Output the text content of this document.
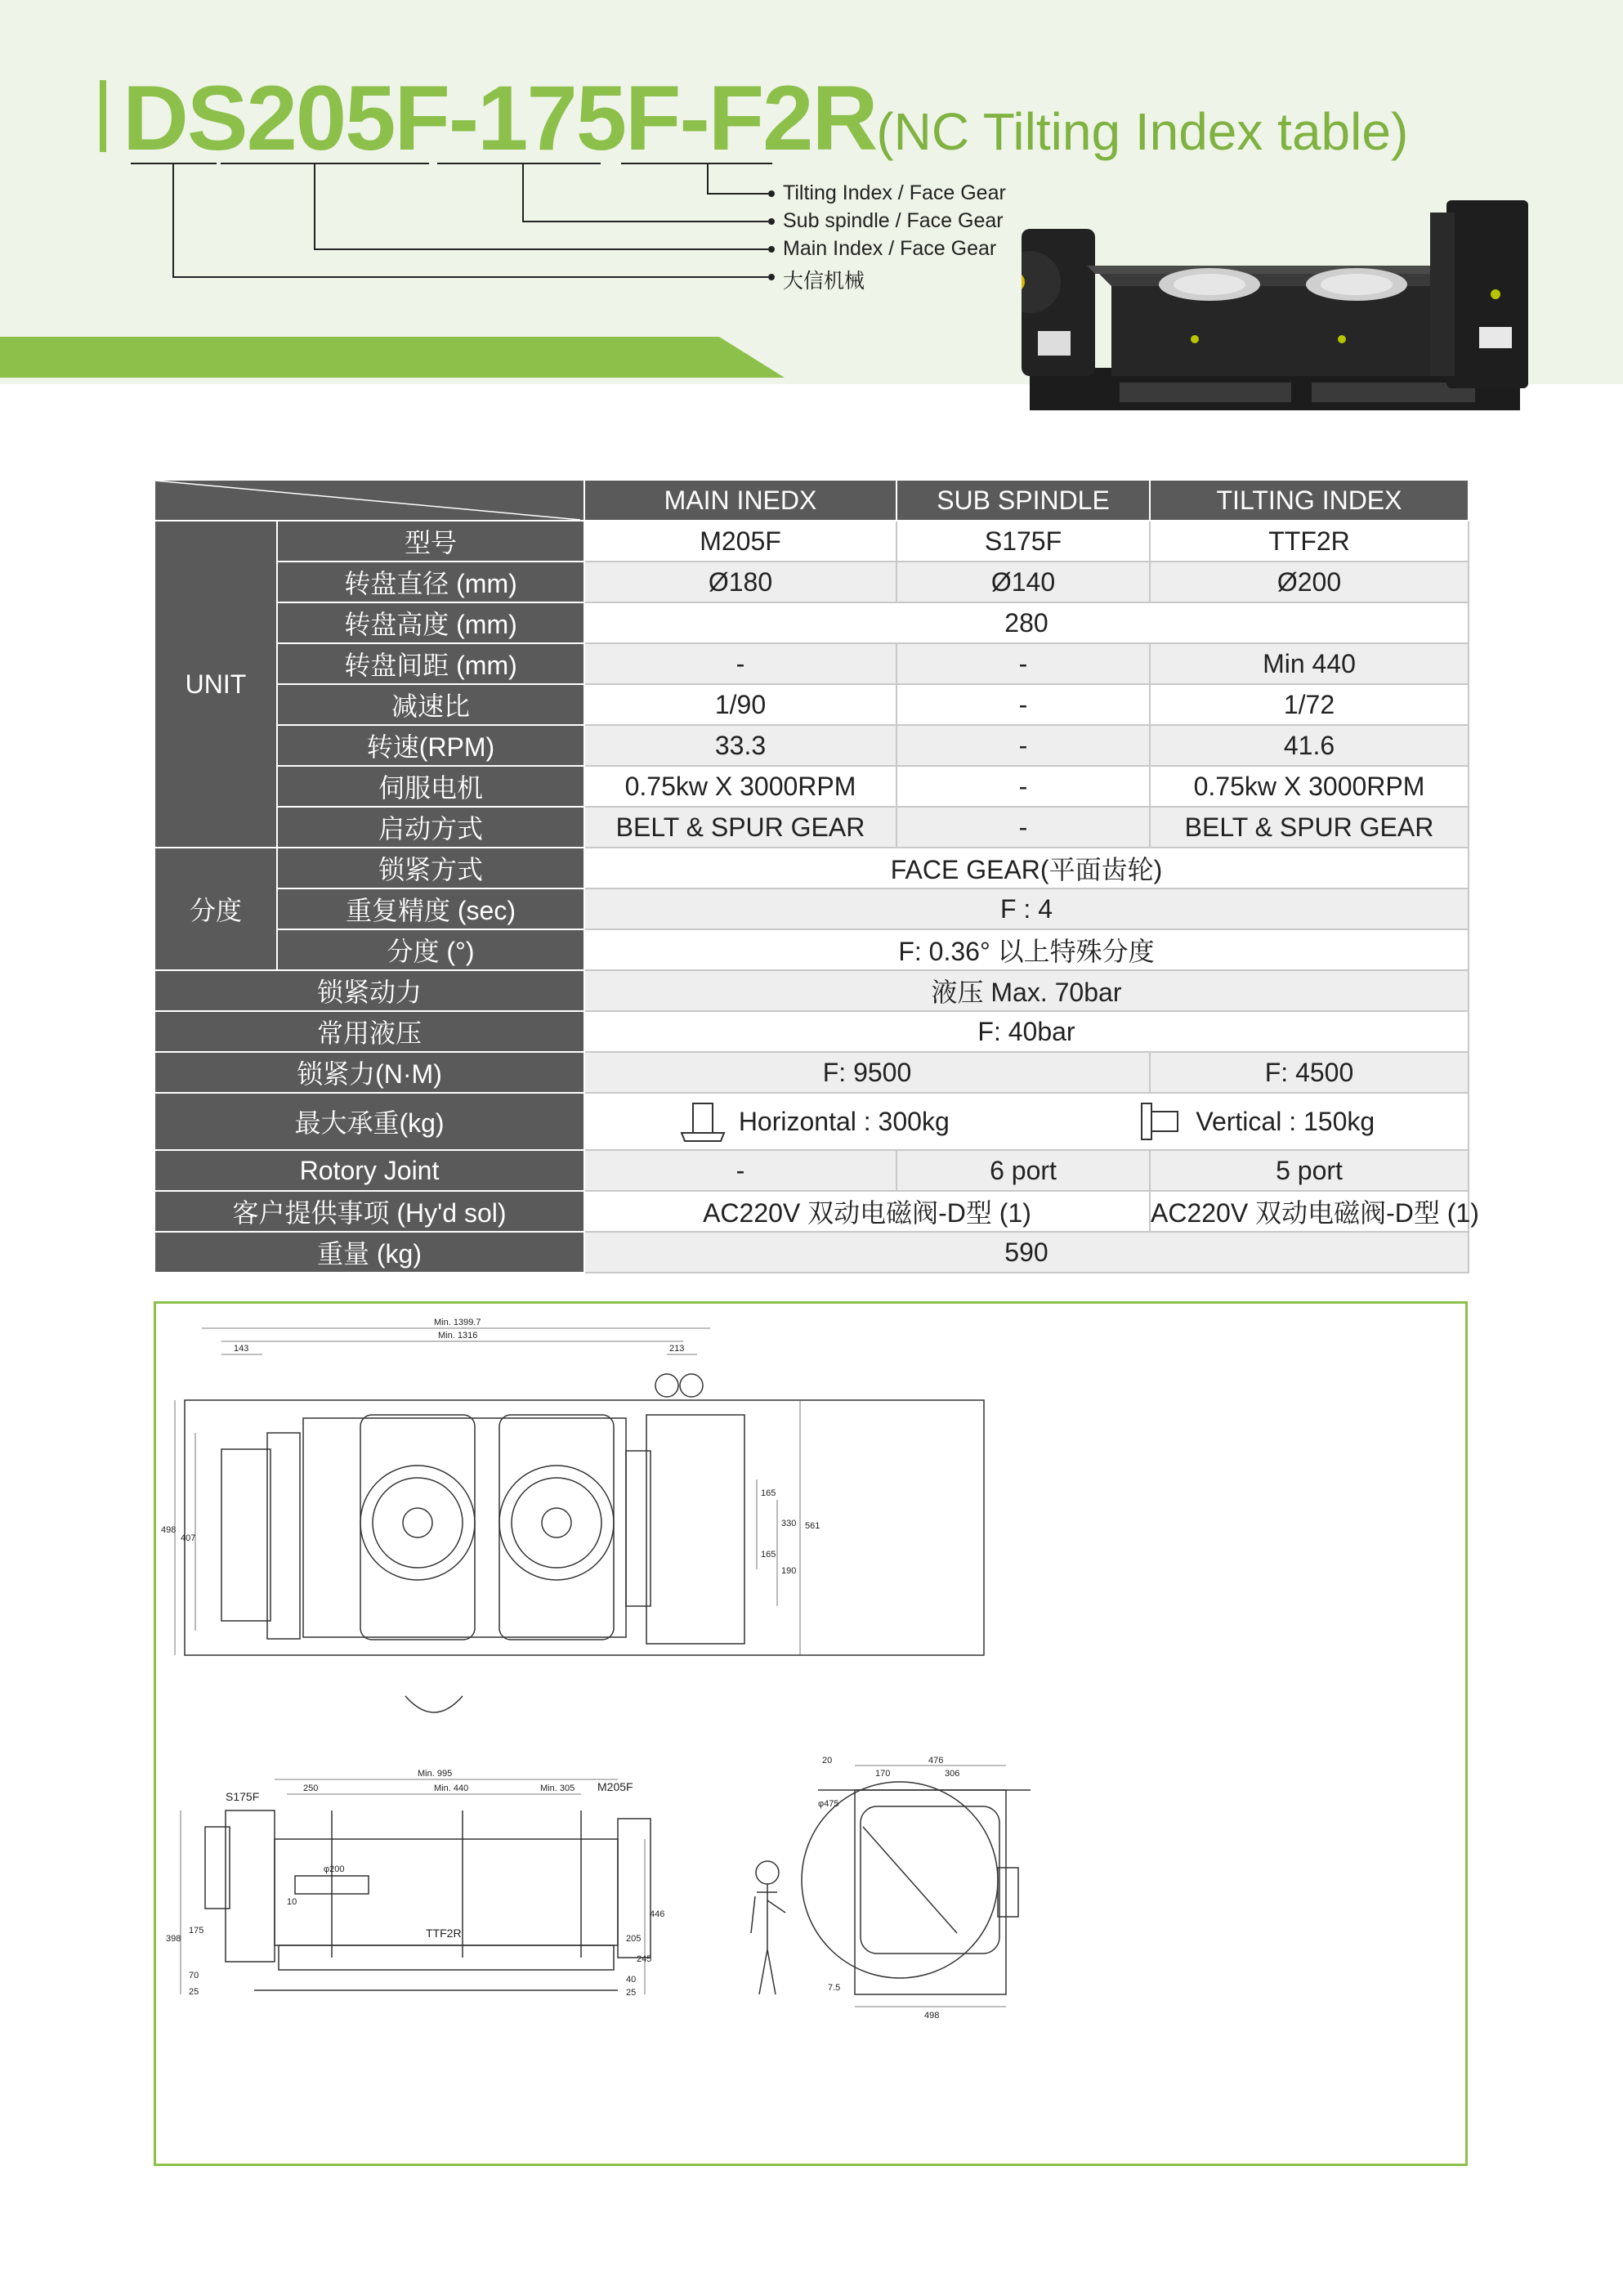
DS205F-175F-F2R(NC Tilting Index table)
Tilting Index / Face Gear
Sub spindle / Face Gear
Main Index / Face Gear
大信机械
	MAIN INEDX	SUB SPINDLE	TILTING INDEX
UNIT	型号	M205F	S175F	TTF2R
	转盘直径 (mm)	Ø180	Ø140	Ø200
	转盘高度 (mm)	280		
	转盘间距 (mm)	-	-	Min 440
	减速比	1/90	-	1/72
	转速(RPM)	33.3	-	41.6
	伺服电机	0.75kw X 3000RPM	-	0.75kw X 3000RPM
	启动方式	BELT & SPUR GEAR	-	BELT & SPUR GEAR
分度	锁紧方式	FACE GEAR(平面齿轮)		
	重复精度 (sec)	F : 4		
	分度 (°)	F: 0.36° 以上特殊分度		
锁紧动力		液压 Max. 70bar		
常用液压		F: 40bar		
锁紧力(N·M)		F: 9500		F: 4500
最大承重(kg)		Horizontal : 300kg Vertical : 150kg		

Rotory Joint		-	6 port	5 port
客户提供事项 (Hy'd sol)		AC220V 双动电磁阀-D型 (1)		AC220V 双动电磁阀-D型 (1)
重量 (kg)		590		
Min. 1399.7
Min. 1316
143	213
498
407
165
165
330
190
561
S175F
M205F
TTF2R
Min. 995
250	Min. 440	Min. 305
φ200
10
398
175
70
25
446
205
245
40
25
20	476
170	306
φ475
7.5
498
